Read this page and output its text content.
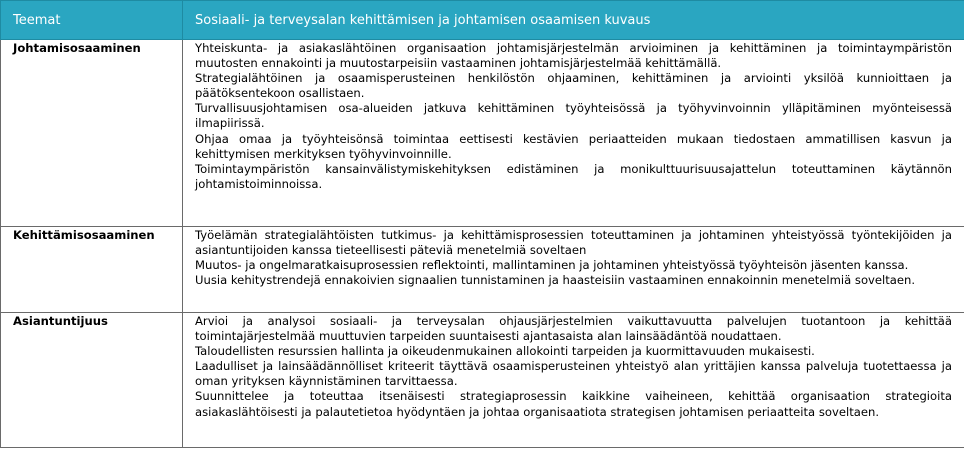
Teemat	Sosiaali- ja terveysalan kehittämisen ja johtamisen osaamisen kuvaus
Johtamisosaaminen	Yhteiskunta- ja asiakaslähtöinen organisaation johtamisjärjestelmän arvioiminen ja kehittäminen ja toimintaympäristön muutosten ennakointi ja muutostarpeisiin vastaaminen johtamisjärjestelmää kehittämällä.

Strategialähtöinen ja osaamisperusteinen henkilöstön ohjaaminen, kehittäminen ja arviointi yksilöä kunnioittaen ja päätöksentekoon osallistaen.

Turvallisuusjohtamisen osa-alueiden jatkuva kehittäminen työyhteisössä ja työhyvinvoinnin ylläpitäminen myönteisessä ilmapiirissä.

Ohjaa omaa ja työyhteisönsä toimintaa eettisesti kestävien periaatteiden mukaan tiedostaen ammatillisen kasvun ja kehittymisen merkityksen työhyvinvoinnille.

Toimintaympäristön kansainvälistymiskehityksen edistäminen ja monikulttuurisuusajattelun toteuttaminen käytännön johtamistoiminnoissa.

Kehittämisosaaminen	Työelämän strategialähtöisten tutkimus- ja kehittämisprosessien toteuttaminen ja johtaminen yhteistyössä työntekijöiden ja asiantuntijoiden kanssa tieteellisesti päteviä menetelmiä soveltaen

Muutos- ja ongelmaratkaisuprosessien reflektointi, mallintaminen ja johtaminen yhteistyössä työyhteisön jäsenten kanssa.

Uusia kehitystrendejä ennakoivien signaalien tunnistaminen ja haasteisiin vastaaminen ennakoinnin menetelmiä soveltaen.

Asiantuntijuus	Arvioi ja analysoi sosiaali- ja terveysalan ohjausjärjestelmien vaikuttavuutta palvelujen tuotantoon ja kehittää toimintajärjestelmää muuttuvien tarpeiden suuntaisesti ajantasaista alan lainsäädäntöä noudattaen.

Taloudellisten resurssien hallinta ja oikeudenmukainen allokointi tarpeiden ja kuormittavuuden mukaisesti.

Laadulliset ja lainsäädännölliset kriteerit täyttävä osaamisperusteinen yhteistyö alan yrittäjien kanssa palveluja tuotettaessa ja oman yrityksen käynnistäminen tarvittaessa.

Suunnittelee ja toteuttaa itsenäisesti strategiaprosessin kaikkine vaiheineen, kehittää organisaation strategioita asiakaslähtöisesti ja palautetietoa hyödyntäen ja johtaa organisaatiota strategisen johtamisen periaatteita soveltaen.
